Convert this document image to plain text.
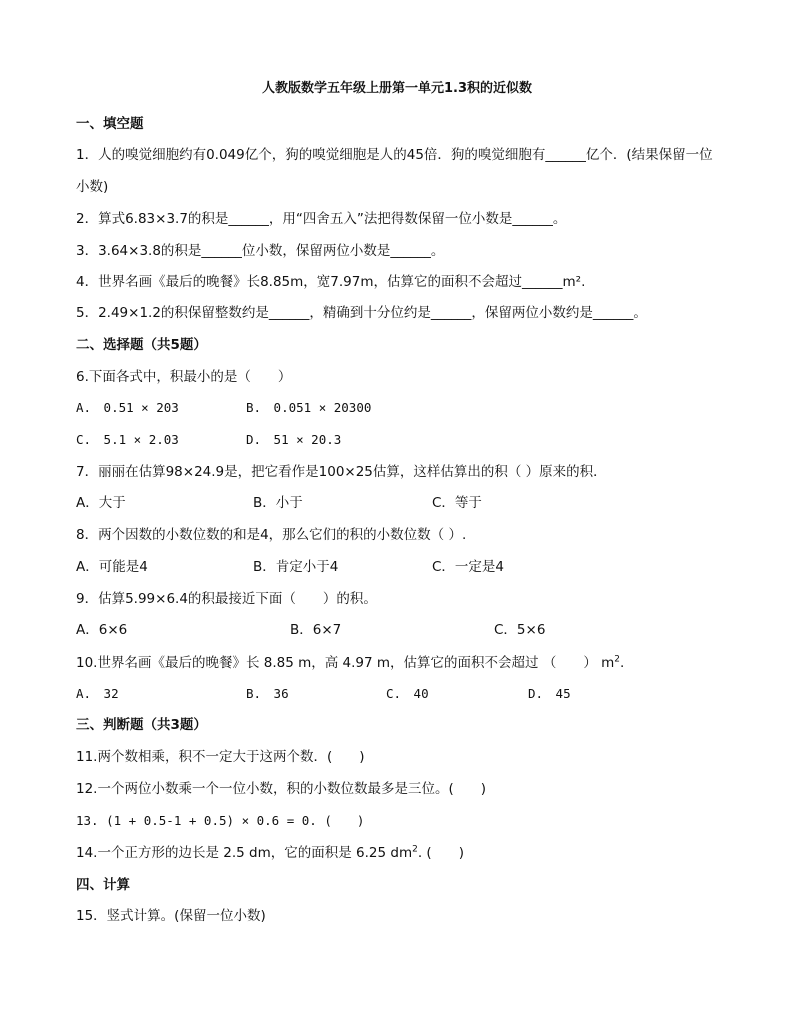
人教版数学五年级上册第一单元1.3积的近似数
一、填空题
1．人的嗅觉细胞约有0.049亿个，狗的嗅觉细胞是人的45倍．狗的嗅觉细胞有______亿个．(结果保留一位
小数)
2．算式6.83×3.7的积是______，用“四舍五入”法把得数保留一位小数是______。
3．3.64×3.8的积是______位小数，保留两位小数是______。
4．世界名画《最后的晚餐》长8.85m，宽7.97m，估算它的面积不会超过______m².
5．2.49×1.2的积保留整数约是______，精确到十分位约是______，保留两位小数约是______。
二、选择题（共5题）
6.下面各式中，积最小的是（　　）
A.　0.51 × 203	B.　0.051 × 20300
C.　5.1 × 2.03	D.　51 × 20.3
7．丽丽在估算98×24.9是，把它看作是100×25估算，这样估算出的积（ ）原来的积．
A．大于	B．小于	C．等于
8．两个因数的小数位数的和是4，那么它们的积的小数位数（ ）.
A．可能是4	B．肯定小于4	C．一定是4
9．估算5.99×6.4的积最接近下面（　　）的积。
A．6×6	B．6×7	C．5×6
10.世界名画《最后的晚餐》长 8.85 m，高 4.97 m，估算它的面积不会超过 （　　） $m^2$.
A.　32	B.　36	C.　40	D.　45
三、判断题（共3题）
11.两个数相乘，积不一定大于这两个数．(　　)
12.一个两位小数乘一个一位小数，积的小数位数最多是三位。(　　)
13. (1 + 0.5-1 + 0.5) × 0.6 = 0. (　　)
14.一个正方形的边长是 2.5 dm，它的面积是 6.25 $dm^2$. (　　)
四、计算
15．竖式计算。(保留一位小数)
